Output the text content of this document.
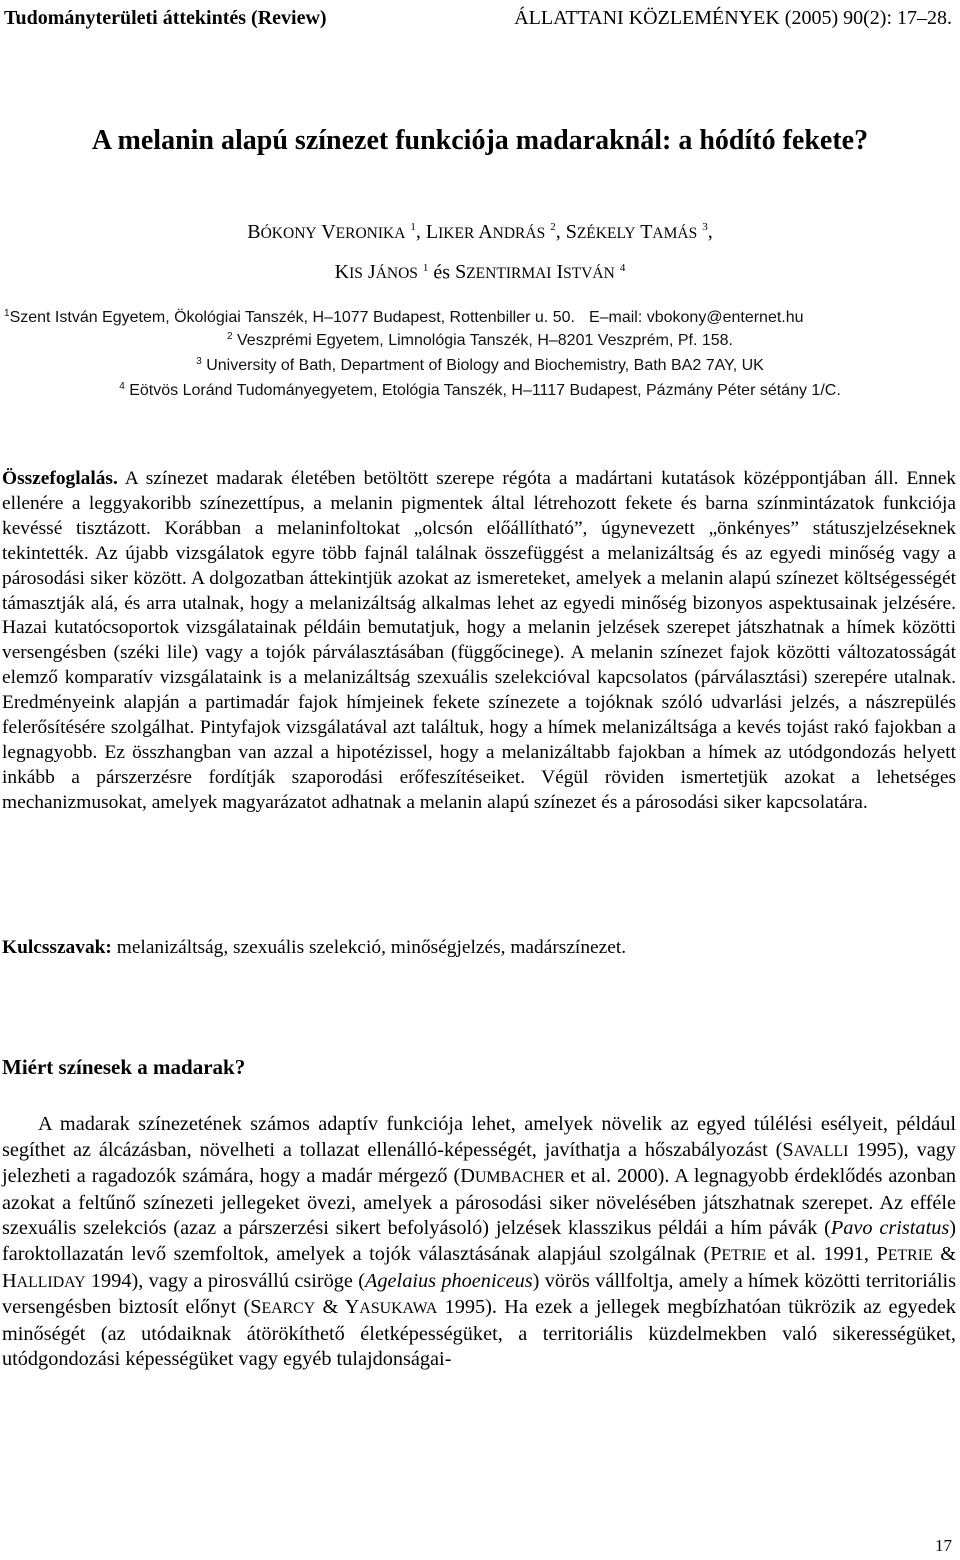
Tudományterületi áttekintés (Review)	ÁLLATTANI KÖZLEMÉNYEK (2005) 90(2): 17–28.
A melanin alapú színezet funkciója madaraknál: a hódító fekete?
BÓKONY VERONIKA $^1$, LIKER ANDRÁS $^2$, SZÉKELY TAMÁS $^3$,
KIS JÁNOS $^1$ és SZENTIRMAI ISTVÁN $^4$
$^1$Szent István Egyetem, Ökológiai Tanszék, H–1077 Budapest, Rottenbiller u. 50. E–mail: vbokony@enternet.hu
$^2$ Veszprémi Egyetem, Limnológia Tanszék, H–8201 Veszprém, Pf. 158.
$^3$ University of Bath, Department of Biology and Biochemistry, Bath BA2 7AY, UK
$^4$ Eötvös Loránd Tudományegyetem, Etológia Tanszék, H–1117 Budapest, Pázmány Péter sétány 1/C.
Összefoglalás. A színezet madarak életében betöltött szerepe régóta a madártani kutatások középpontjában áll. Ennek ellenére a leggyakoribb színezettípus, a melanin pigmentek által létrehozott fekete és barna színmintázatok funkciója kevéssé tisztázott. Korábban a melaninfoltokat „olcsón előállítható”, úgynevezett „önkényes” státuszjelzéseknek tekintették. Az újabb vizsgálatok egyre több fajnál találnak összefüggést a melanizáltság és az egyedi minőség vagy a párosodási siker között. A dolgozatban áttekintjük azokat az ismereteket, amelyek a melanin alapú színezet költségességét támasztják alá, és arra utalnak, hogy a melanizáltság alkalmas lehet az egyedi minőség bizonyos aspektusainak jelzésére. Hazai kutatócsoportok vizsgálatainak példáin bemutatjuk, hogy a melanin jelzések szerepet játszhatnak a hímek közötti versengésben (széki lile) vagy a tojók párválasztásában (függőcinege). A melanin színezet fajok közötti változatosságát elemző komparatív vizsgálataink is a melanizáltság szexuális szelekcióval kapcsolatos (párválasztási) szerepére utalnak. Eredményeink alapján a partimadár fajok hímjeinek fekete színezete a tojóknak szóló udvarlási jelzés, a nászrepülés felerősítésére szolgálhat. Pintyfajok vizsgálatával azt találtuk, hogy a hímek melanizáltsága a kevés tojást rakó fajokban a legnagyobb. Ez összhangban van azzal a hipotézissel, hogy a melanizáltabb fajokban a hímek az utódgondozás helyett inkább a párszerzésre fordítják szaporodási erőfeszítéseiket. Végül röviden ismertetjük azokat a lehetséges mechanizmusokat, amelyek magyarázatot adhatnak a melanin alapú színezet és a párosodási siker kapcsolatára.
Kulcsszavak: melanizáltság, szexuális szelekció, minőségjelzés, madárszínezet.
Miért színesek a madarak?
A madarak színezetének számos adaptív funkciója lehet, amelyek növelik az egyed túlélési esélyeit, például segíthet az álcázásban, növelheti a tollazat ellenálló-képességét, javíthatja a hőszabályozást (SAVALLI 1995), vagy jelezheti a ragadozók számára, hogy a madár mérgező (DUMBACHER et al. 2000). A legnagyobb érdeklődés azonban azokat a feltűnő színezeti jellegeket övezi, amelyek a párosodási siker növelésében játszhatnak szerepet. Az efféle szexuális szelekciós (azaz a párszerzési sikert befolyásoló) jelzések klasszikus példái a hím pávák (Pavo cristatus) faroktollazatán levő szemfoltok, amelyek a tojók választásának alapjául szolgálnak (PETRIE et al. 1991, PETRIE & HALLIDAY 1994), vagy a pirosvállú csiröge (Agelaius phoeniceus) vörös vállfoltja, amely a hímek közötti territoriális versengésben biztosít előnyt (SEARCY & YASUKAWA 1995). Ha ezek a jellegek megbízhatóan tükrözik az egyedek minőségét (az utódaiknak átörökíthető életképességüket, a territoriális küzdelmekben való sikerességüket, utódgondozási képességüket vagy egyéb tulajdonságai-
17
